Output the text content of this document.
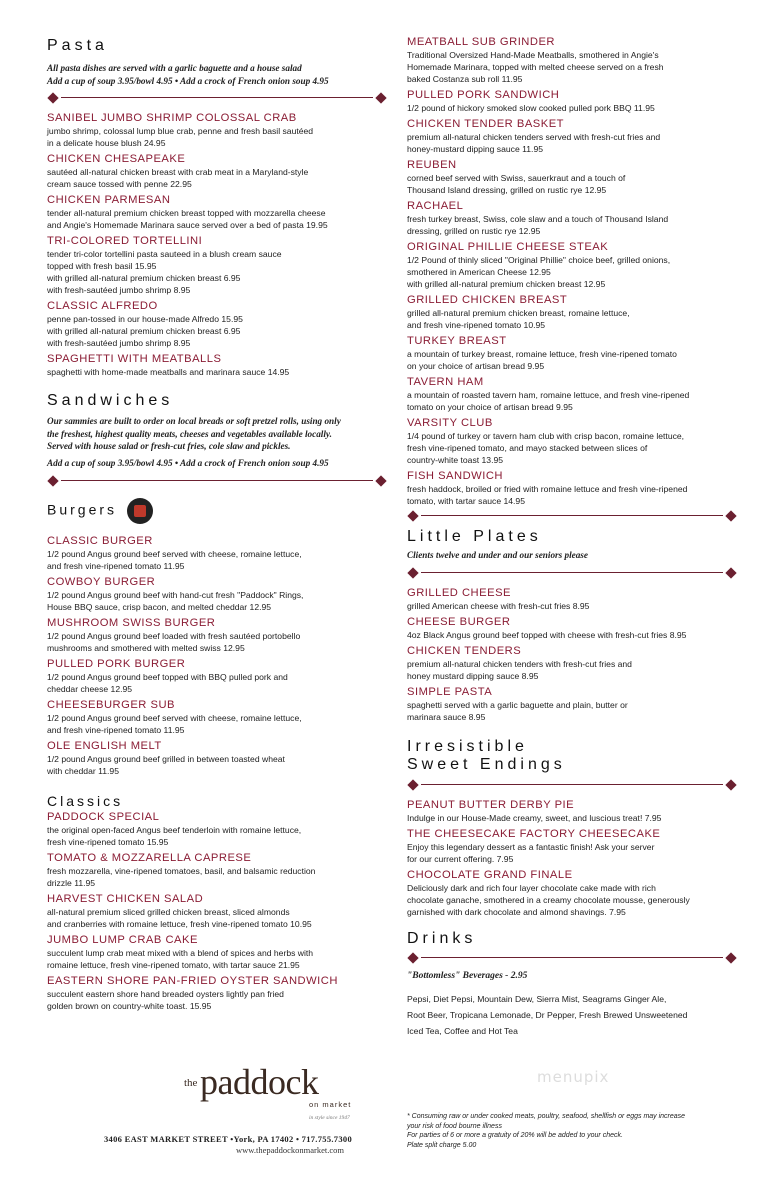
Pasta
All pasta dishes are served with a garlic baguette and a house salad
Add a cup of soup 3.95/bowl 4.95 • Add a crock of French onion soup 4.95
SANIBEL JUMBO SHRIMP COLOSSAL CRAB
jumbo shrimp, colossal lump blue crab, penne and fresh basil sautéed
in a delicate house blush 24.95
CHICKEN CHESAPEAKE
sautéed all-natural chicken breast with crab meat in a Maryland-style
cream sauce tossed with penne 22.95
CHICKEN PARMESAN
tender all-natural premium chicken breast topped with mozzarella cheese
and Angie's Homemade Marinara sauce served over a bed of pasta 19.95
TRI-COLORED TORTELLINI
tender tri-color tortellini pasta sauteed in a blush cream sauce
topped with fresh basil 15.95
with grilled all-natural premium chicken breast 6.95
with fresh-sautéed jumbo shrimp 8.95
CLASSIC ALFREDO
penne pan-tossed in our house-made Alfredo 15.95
with grilled all-natural premium chicken breast 6.95
with fresh-sautéed jumbo shrimp 8.95
SPAGHETTI WITH MEATBALLS
spaghetti with home-made meatballs and marinara sauce 14.95
Sandwiches
Our sammies are built to order on local breads or soft pretzel rolls, using only
the freshest, highest quality meats, cheeses and vegetables available locally.
Served with house salad or fresh-cut fries, cole slaw and pickles.
Add a cup of soup 3.95/bowl 4.95 • Add a crock of French onion soup 4.95
Burgers
CLASSIC BURGER
1/2 pound Angus ground beef served with cheese, romaine lettuce,
and fresh vine-ripened tomato 11.95
COWBOY BURGER
1/2 pound Angus ground beef with hand-cut fresh "Paddock" Rings,
House BBQ sauce, crisp bacon, and melted cheddar 12.95
MUSHROOM SWISS BURGER
1/2 pound Angus ground beef loaded with fresh sautéed portobello
mushrooms and smothered with melted swiss 12.95
PULLED PORK BURGER
1/2 pound Angus ground beef topped with BBQ pulled pork and
cheddar cheese 12.95
CHEESEBURGER SUB
1/2 pound Angus ground beef served with cheese, romaine lettuce,
and fresh vine-ripened tomato 11.95
OLE ENGLISH MELT
1/2 pound Angus ground beef grilled in between toasted wheat
with cheddar 11.95
Classics
PADDOCK SPECIAL
the original open-faced Angus beef tenderloin with romaine lettuce,
fresh vine-ripened tomato 15.95
TOMATO & MOZZARELLA CAPRESE
fresh mozzarella, vine-ripened tomatoes, basil, and balsamic reduction
drizzle 11.95
HARVEST CHICKEN SALAD
all-natural premium sliced grilled chicken breast, sliced almonds
and cranberries with romaine lettuce, fresh vine-ripened tomato 10.95
JUMBO LUMP CRAB CAKE
succulent lump crab meat mixed with a blend of spices and herbs with
romaine lettuce, fresh vine-ripened tomato, with tartar sauce 21.95
EASTERN SHORE PAN-FRIED OYSTER SANDWICH
succulent eastern shore hand breaded oysters lightly pan fried
golden brown on country-white toast. 15.95
MEATBALL SUB GRINDER
Traditional Oversized Hand-Made Meatballs, smothered in Angie's
Homemade Marinara, topped with melted cheese served on a fresh
baked Costanza sub roll 11.95
PULLED PORK SANDWICH
1/2 pound of hickory smoked slow cooked pulled pork BBQ 11.95
CHICKEN TENDER BASKET
premium all-natural chicken tenders served with fresh-cut fries and
honey-mustard dipping sauce 11.95
REUBEN
corned beef served with Swiss, sauerkraut and a touch of
Thousand Island dressing, grilled on rustic rye 12.95
RACHAEL
fresh turkey breast, Swiss, cole slaw and a touch of Thousand Island
dressing, grilled on rustic rye 12.95
ORIGINAL PHILLIE CHEESE STEAK
1/2 Pound of thinly sliced "Original Phillie" choice beef, grilled onions,
smothered in American Cheese 12.95
with grilled all-natural premium chicken breast 12.95
GRILLED CHICKEN BREAST
grilled all-natural premium chicken breast, romaine lettuce,
and fresh vine-ripened tomato 10.95
TURKEY BREAST
a mountain of turkey breast, romaine lettuce, fresh vine-ripened tomato
on your choice of artisan bread 9.95
TAVERN HAM
a mountain of roasted tavern ham, romaine lettuce, and fresh vine-ripened
tomato on your choice of artisan bread 9.95
VARSITY CLUB
1/4 pound of turkey or tavern ham club with crisp bacon, romaine lettuce,
fresh vine-ripened tomato, and mayo stacked between slices of
country-white toast 13.95
FISH SANDWICH
fresh haddock, broiled or fried with romaine lettuce and fresh vine-ripened
tomato, with tartar sauce 14.95
Little Plates
Clients twelve and under and our seniors please
GRILLED CHEESE
grilled American cheese with fresh-cut fries 8.95
CHEESE BURGER
4oz Black Angus ground beef topped with cheese with fresh-cut fries 8.95
CHICKEN TENDERS
premium all-natural chicken tenders with fresh-cut fries and
honey mustard dipping sauce 8.95
SIMPLE PASTA
spaghetti served with a garlic baguette and plain, butter or
marinara sauce 8.95
Irresistible
Sweet Endings
PEANUT BUTTER DERBY PIE
Indulge in our House-Made creamy, sweet, and luscious treat! 7.95
THE CHEESECAKE FACTORY CHEESECAKE
Enjoy this legendary dessert as a fantastic finish! Ask your server
for our current offering. 7.95
CHOCOLATE GRAND FINALE
Deliciously dark and rich four layer chocolate cake made with rich
chocolate ganache, smothered in a creamy chocolate mousse, generously
garnished with dark chocolate and almond shavings. 7.95
Drinks
"Bottomless" Beverages - 2.95
Pepsi, Diet Pepsi, Mountain Dew, Sierra Mist, Seagrams Ginger Ale,
Root Beer, Tropicana Lemonade, Dr Pepper, Fresh Brewed Unsweetened
Iced Tea, Coffee and Hot Tea
the paddock
on market
in style since 1947
3406 EAST MARKET STREET •York, PA 17402 • 717.755.7300
www.thepaddockonmarket.com
menupix
* Consuming raw or under cooked meats, poultry, seafood, shellfish or eggs may increase
your risk of food bourne illness
For parties of 6 or more a gratuity of 20% will be added to your check.
Plate split charge 5.00
